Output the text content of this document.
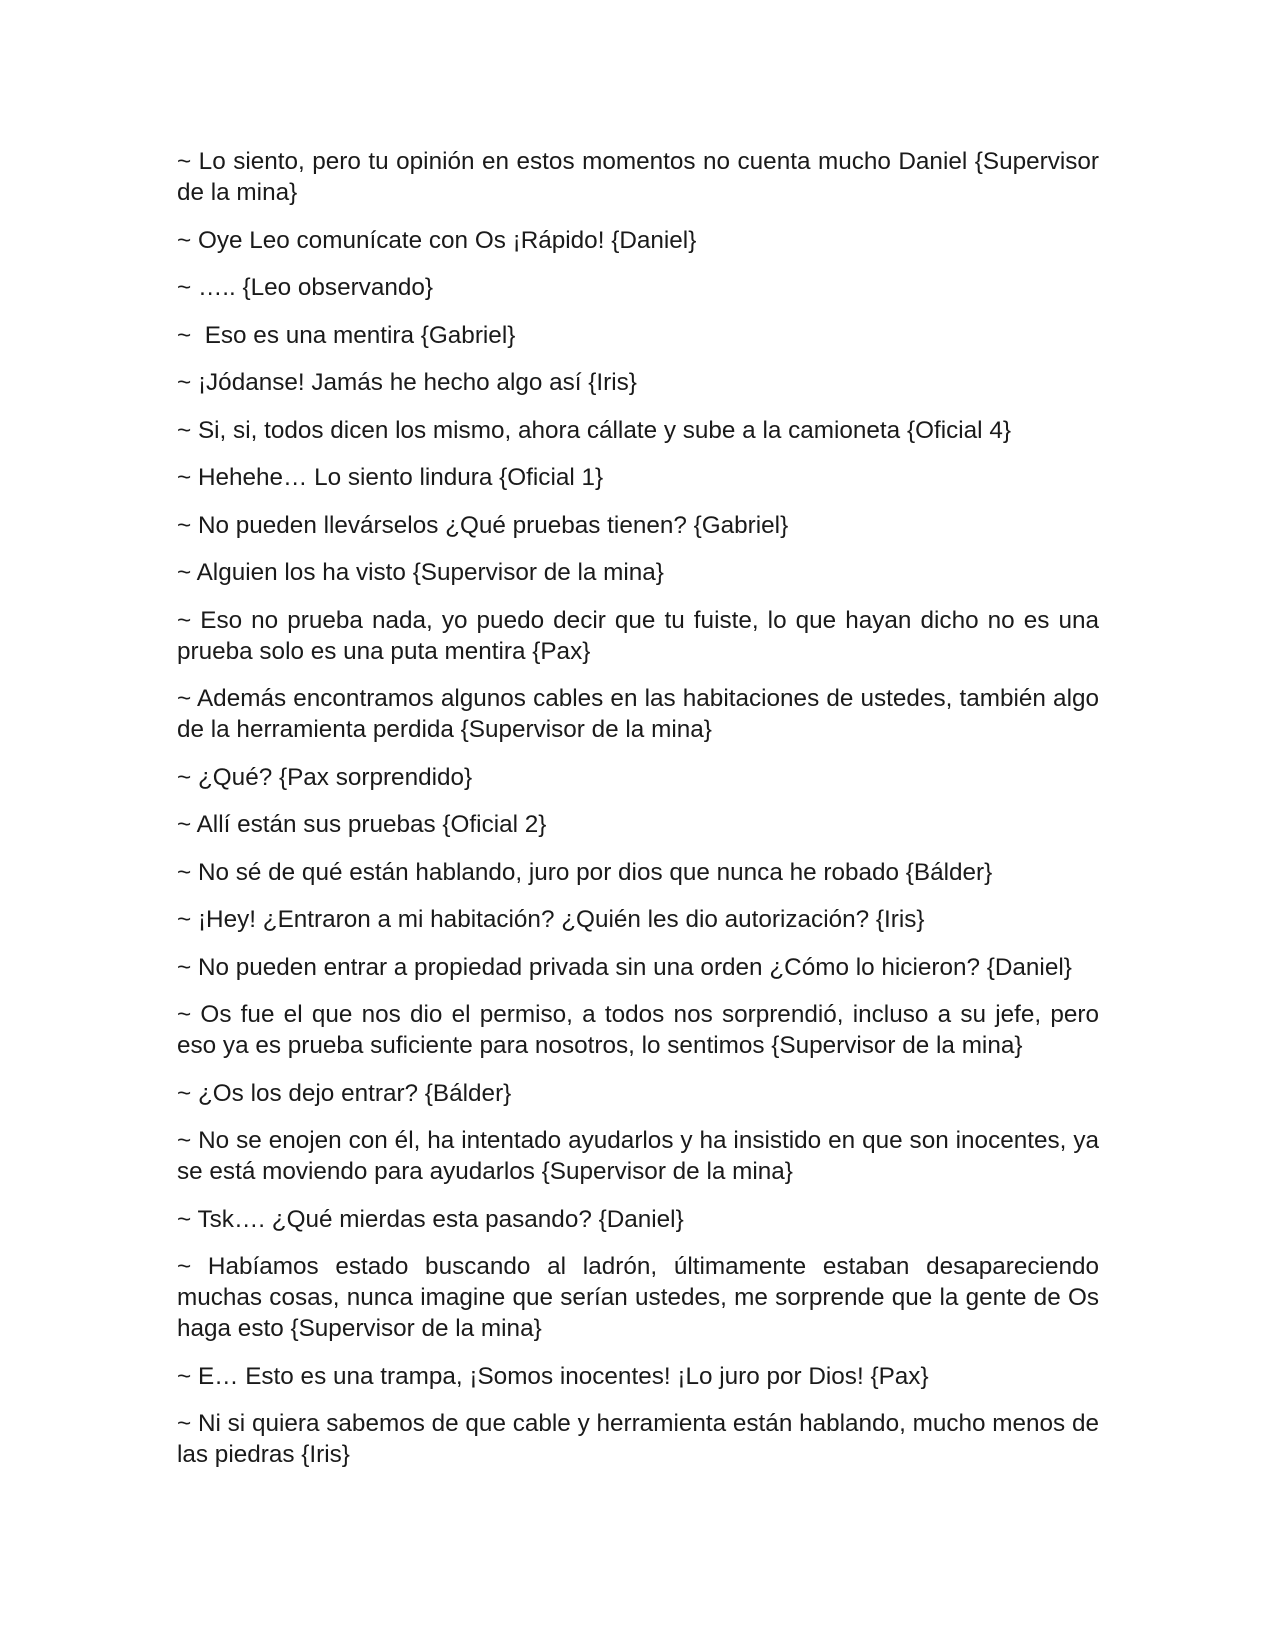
~ Lo siento, pero tu opinión en estos momentos no cuenta mucho Daniel {Supervisor de la mina}

~ Oye Leo comunícate con Os ¡Rápido! {Daniel}

~ ….. {Leo observando}

~  Eso es una mentira {Gabriel}

~ ¡Jódanse! Jamás he hecho algo así {Iris}

~ Si, si, todos dicen los mismo, ahora cállate y sube a la camioneta {Oficial 4}

~ Hehehe… Lo siento lindura {Oficial 1}

~ No pueden llevárselos ¿Qué pruebas tienen? {Gabriel}

~ Alguien los ha visto {Supervisor de la mina}

~ Eso no prueba nada, yo puedo decir que tu fuiste, lo que hayan dicho no es una prueba solo es una puta mentira {Pax}

~ Además encontramos algunos cables en las habitaciones de ustedes, también algo de la herramienta perdida {Supervisor de la mina}

~ ¿Qué? {Pax sorprendido}

~ Allí están sus pruebas {Oficial 2}

~ No sé de qué están hablando, juro por dios que nunca he robado {Bálder}

~ ¡Hey! ¿Entraron a mi habitación? ¿Quién les dio autorización? {Iris}

~ No pueden entrar a propiedad privada sin una orden ¿Cómo lo hicieron? {Daniel}

~ Os fue el que nos dio el permiso, a todos nos sorprendió, incluso a su jefe, pero eso ya es prueba suficiente para nosotros, lo sentimos {Supervisor de la mina}

~ ¿Os los dejo entrar? {Bálder}

~ No se enojen con él, ha intentado ayudarlos y ha insistido en que son inocentes, ya se está moviendo para ayudarlos {Supervisor de la mina}

~ Tsk…. ¿Qué mierdas esta pasando? {Daniel}

~ Habíamos estado buscando al ladrón, últimamente estaban desapareciendo muchas cosas, nunca imagine que serían ustedes, me sorprende que la gente de Os haga esto {Supervisor de la mina}

~ E… Esto es una trampa, ¡Somos inocentes! ¡Lo juro por Dios! {Pax}

~ Ni si quiera sabemos de que cable y herramienta están hablando, mucho menos de las piedras {Iris}
